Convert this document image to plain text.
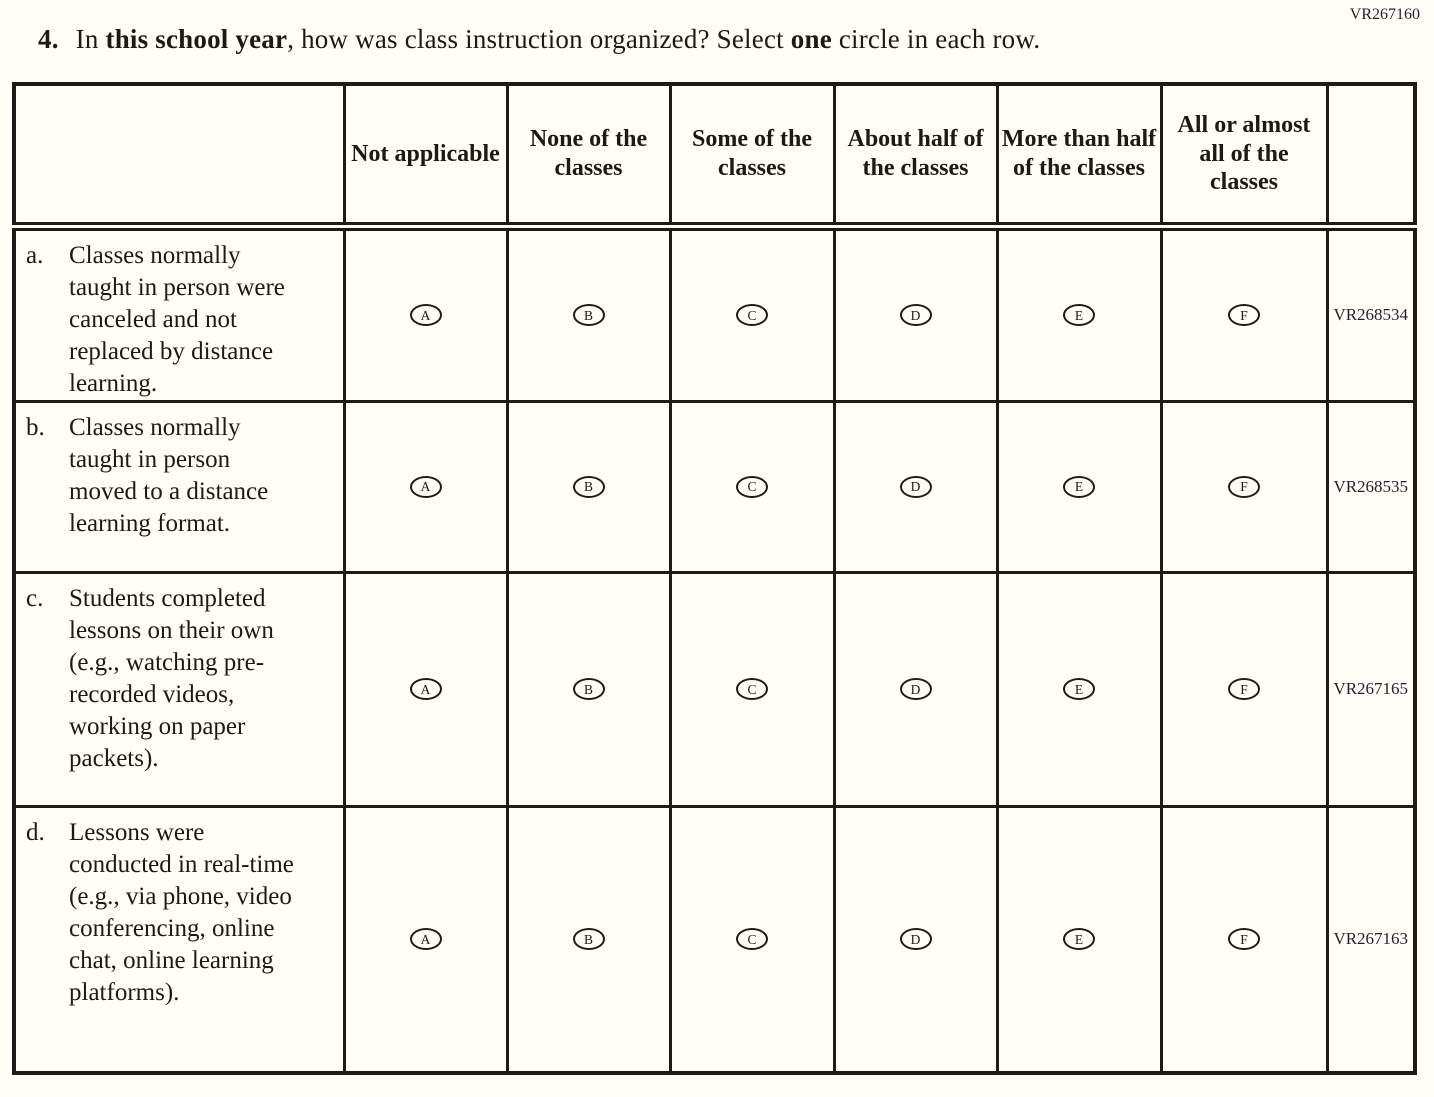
VR267160
4. In this school year, how was class instruction organized? Select one circle in each row.
	Not applicable	None of the classes	Some of the classes	About half of the classes	More than half of the classes	All or almost all of the classes	

a. Classes normally taught in person were canceled and not replaced by distance learning.	A	B	C	D	E	F	VR268534

b. Classes normally taught in person moved to a distance learning format.	A	B	C	D	E	F	VR268535

c. Students completed lessons on their own (e.g., watching pre-recorded videos, working on paper packets).	A	B	C	D	E	F	VR267165

d. Lessons were conducted in real-time (e.g., via phone, video conferencing, online chat, online learning platforms).	A	B	C	D	E	F	VR267163
